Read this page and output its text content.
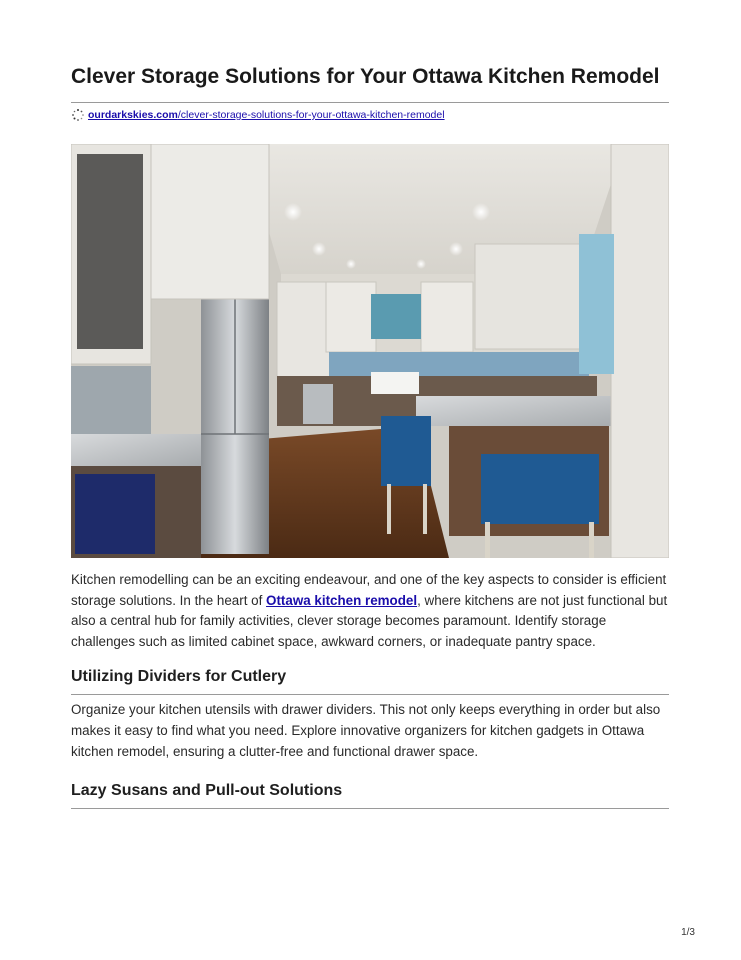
Clever Storage Solutions for Your Ottawa Kitchen Remodel
ourdarkskies.com/clever-storage-solutions-for-your-ottawa-kitchen-remodel

Kitchen remodelling can be an exciting endeavour, and one of the key aspects to consider is efficient storage solutions. In the heart of Ottawa kitchen remodel, where kitchens are not just functional but also a central hub for family activities, clever storage becomes paramount. Identify storage challenges such as limited cabinet space, awkward corners, or inadequate pantry space.

Utilizing Dividers for Cutlery

Organize your kitchen utensils with drawer dividers. This not only keeps everything in order but also makes it easy to find what you need. Explore innovative organizers for kitchen gadgets in Ottawa kitchen remodel, ensuring a clutter-free and functional drawer space.

Lazy Susans and Pull-out Solutions
1/3
